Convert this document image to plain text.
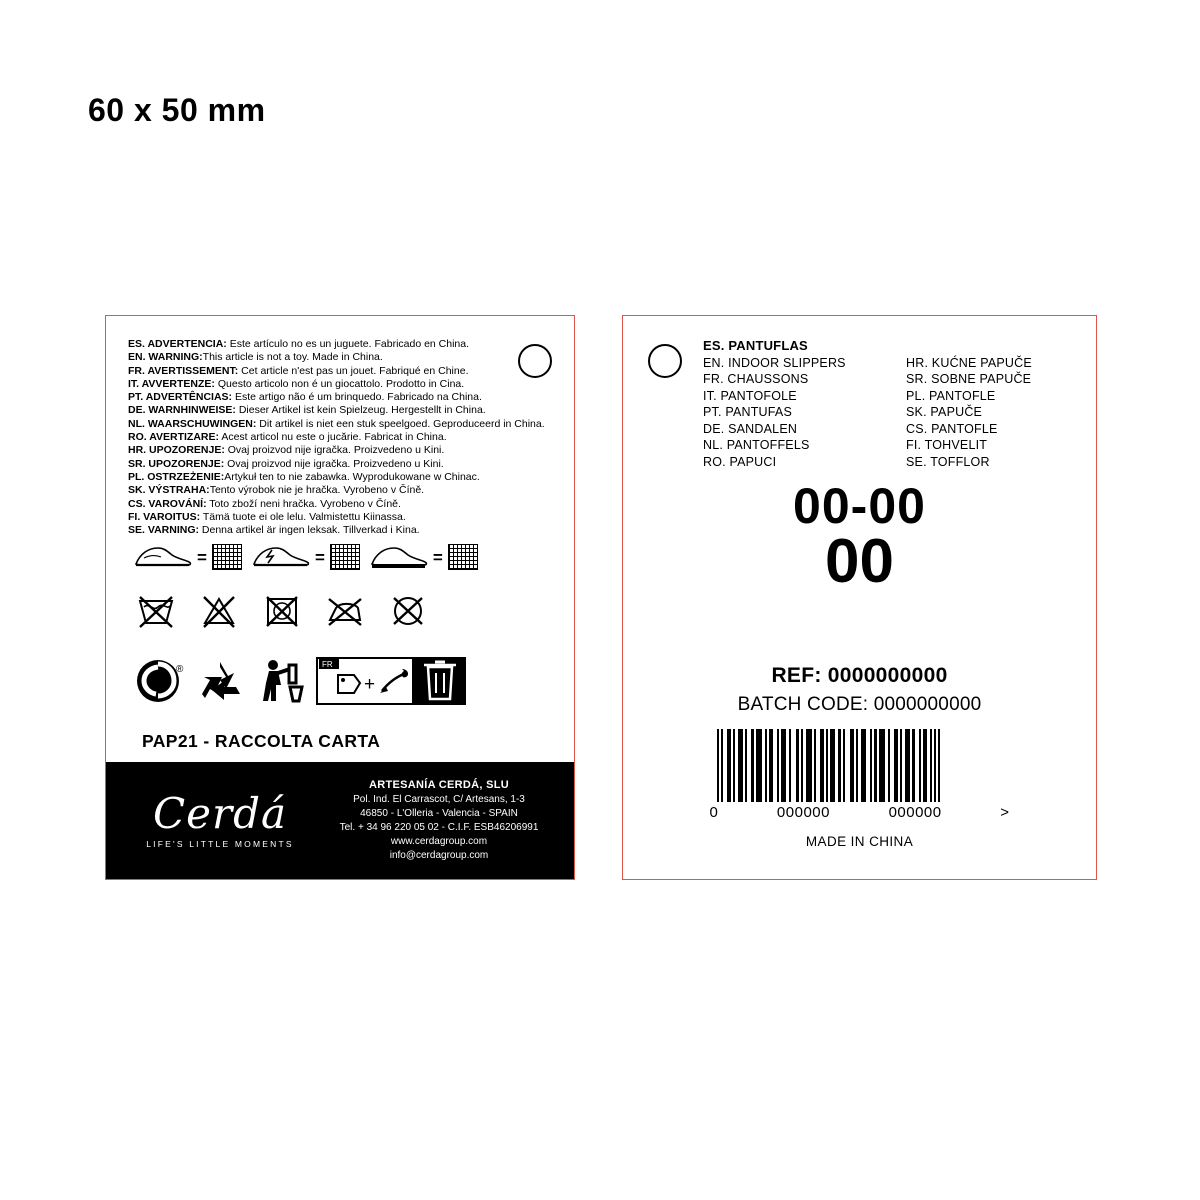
60 x 50 mm
ES. ADVERTENCIA: Este artículo no es un juguete. Fabricado en China.
EN. WARNING:This article is not a toy. Made in China.
FR. AVERTISSEMENT: Cet article n'est pas un jouet. Fabriqué en Chine.
IT. AVVERTENZE: Questo articolo non é un giocattolo. Prodotto in Cina.
PT. ADVERTÊNCIAS: Este artigo não é um brinquedo. Fabricado na China.
DE. WARNHINWEISE: Dieser Artikel ist kein Spielzeug. Hergestellt in China.
NL. WAARSCHUWINGEN: Dit artikel is niet een stuk speelgoed. Geproduceerd in China.
RO. AVERTIZARE: Acest articol nu este o jucărie. Fabricat in China.
HR. UPOZORENJE: Ovaj proizvod nije igračka. Proizvedeno u Kini.
SR. UPOZORENJE: Ovaj proizvod nije igračka. Proizvedeno u Kini.
PL. OSTRZEŻENIE:Artykuł ten to nie zabawka. Wyprodukowane w Chinac.
SK. VÝSTRAHA:Tento výrobok nie je hračka. Vyrobeno v Číně.
CS. VAROVÁNÍ: Toto zboží neni hračka. Vyrobeno v Číně.
FI. VAROITUS: Tämä tuote ei ole lelu. Valmistettu Kiinassa.
SE. VARNING: Denna artikel är ingen leksak. Tillverkad i Kina.
=	=	=
®	FR
+
PAP21 - RACCOLTA CARTA
Cerdá
LIFE'S LITTLE MOMENTS
ARTESANÍA CERDÁ, SLU
Pol. Ind. El Carrascot, C/ Artesans, 1-3
46850 - L'Olleria - Valencia - SPAIN
Tel. + 34 96 220 05 02 - C.I.F. ESB46206991
www.cerdagroup.com
info@cerdagroup.com
ES. PANTUFLAS
EN. INDOOR SLIPPERS
FR. CHAUSSONS
IT. PANTOFOLE
PT. PANTUFAS
DE. SANDALEN
NL. PANTOFFELS
RO. PAPUCI
HR. KUĆNE PAPUČE
SR. SOBNE PAPUČE
PL. PANTOFLE
SK. PAPUČE
CS. PANTOFLE
FI. TOHVELIT
SE. TOFFLOR
00-00
00
REF: 0000000000
BATCH CODE: 0000000000
0	000000	000000	>
MADE IN CHINA
